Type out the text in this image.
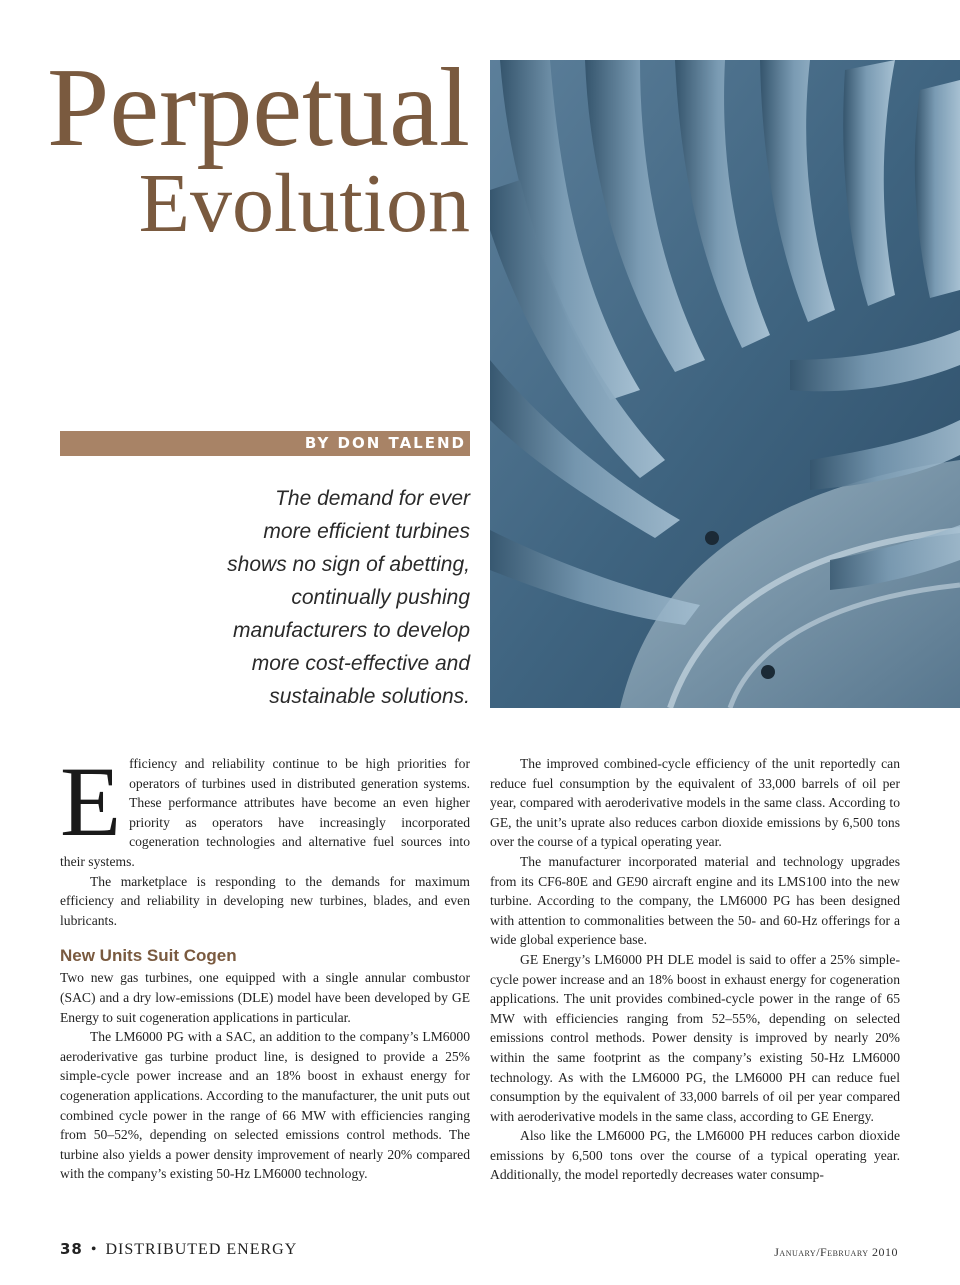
Perpetual
Evolution
BY DON TALEND
The demand for ever
more efficient turbines
shows no sign of abetting,
continually pushing
manufacturers to develop
more cost-effective and
sustainable solutions.

Efficiency and reliability continue to be high priorities for operators of turbines used in distributed generation systems. These performance attributes have become an even higher priority as operators have increasingly incorporated cogeneration technologies and alternative fuel sources into their systems.

The marketplace is responding to the demands for maximum efficiency and reliability in developing new turbines, blades, and even lubricants.

New Units Suit Cogen

Two new gas turbines, one equipped with a single annular combustor (SAC) and a dry low-emissions (DLE) model have been developed by GE Energy to suit cogeneration applications in particular.

The LM6000 PG with a SAC, an addition to the company’s LM6000 aeroderivative gas turbine product line, is designed to provide a 25% simple-cycle power increase and an 18% boost in exhaust energy for cogeneration applications. According to the manufacturer, the unit puts out combined cycle power in the range of 66 MW with efficiencies ranging from 50–52%, depending on selected emissions control methods. The turbine also yields a power density improvement of nearly 20% compared with the company’s existing 50-Hz LM6000 technology.

The improved combined-cycle efficiency of the unit reportedly can reduce fuel consumption by the equivalent of 33,000 barrels of oil per year, compared with aeroderivative models in the same class. According to GE, the unit’s uprate also reduces carbon dioxide emissions by 6,500 tons over the course of a typical operating year.

The manufacturer incorporated material and technology upgrades from its CF6-80E and GE90 aircraft engine and its LMS100 into the new turbine. According to the company, the LM6000 PG has been designed with attention to commonalities between the 50- and 60-Hz offerings for a wide global experience base.

GE Energy’s LM6000 PH DLE model is said to offer a 25% simple-cycle power increase and an 18% boost in exhaust energy for cogeneration applications. The unit provides combined-cycle power in the range of 65 MW with efficiencies ranging from 52–55%, depending on selected emissions control methods. Power density is improved by nearly 20% within the same footprint as the company’s existing 50-Hz LM6000 technology. As with the LM6000 PG, the LM6000 PH can reduce fuel consumption by the equivalent of 33,000 barrels of oil per year compared with aeroderivative models in the same class, according to GE Energy.

Also like the LM6000 PG, the LM6000 PH reduces carbon dioxide emissions by 6,500 tons over the course of a typical operating year. Additionally, the model reportedly decreases water consump-

38 • DISTRIBUTED ENERGY	January/February 2010
